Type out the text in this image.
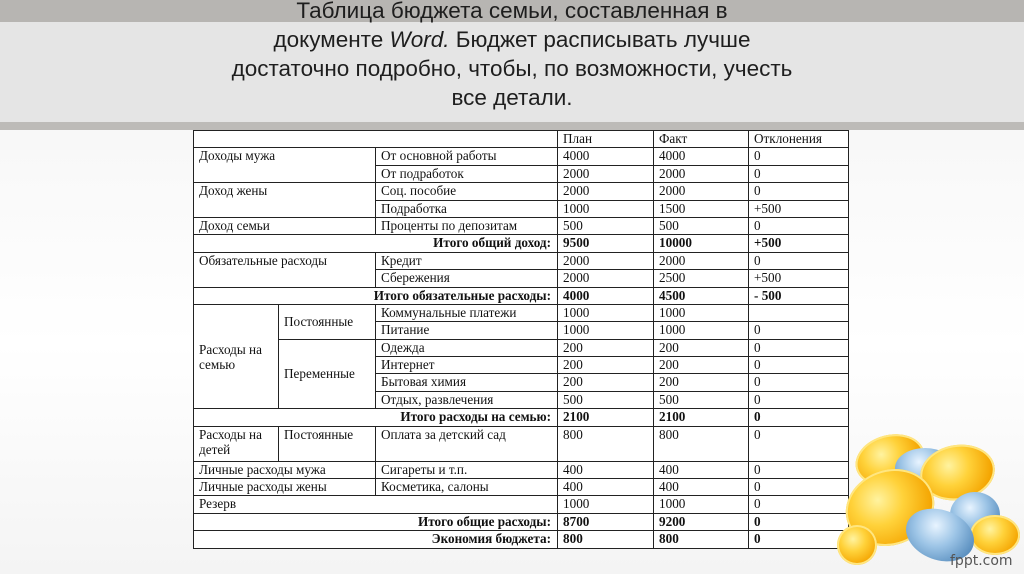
Таблица бюджета семьи, составленная в
документе Word. Бюджет расписывать лучше
достаточно подробно, чтобы, по возможности, учесть
все детали.
			План	Факт	Отклонения
Доходы мужа		От основной работы	4000	4000	0
		От подработок	2000	2000	0
Доход жены		Соц. пособие	2000	2000	0
		Подработка	1000	1500	+500
Доход семьи		Проценты по депозитам	500	500	0
Итого общий доход:			9500	10000	+500
Обязательные расходы		Кредит	2000	2000	0
		Сбережения	2000	2500	+500
Итого обязательные расходы:			4000	4500	- 500
Расходы на семью	Постоянные	Коммунальные платежи	1000	1000	
		Питание	1000	1000	0
	Переменные	Одежда	200	200	0
		Интернет	200	200	0
		Бытовая химия	200	200	0
		Отдых, развлечения	500	500	0
Итого расходы на семью:			2100	2100	0
Расходы на детей	Постоянные	Оплата за детский сад	800	800	0
Личные расходы мужа		Сигареты и т.п.	400	400	0
Личные расходы жены		Косметика, салоны	400	400	0
Резерв			1000	1000	0
Итого общие расходы:			8700	9200	0
Экономия бюджета:			800	800	0
fppt.com
